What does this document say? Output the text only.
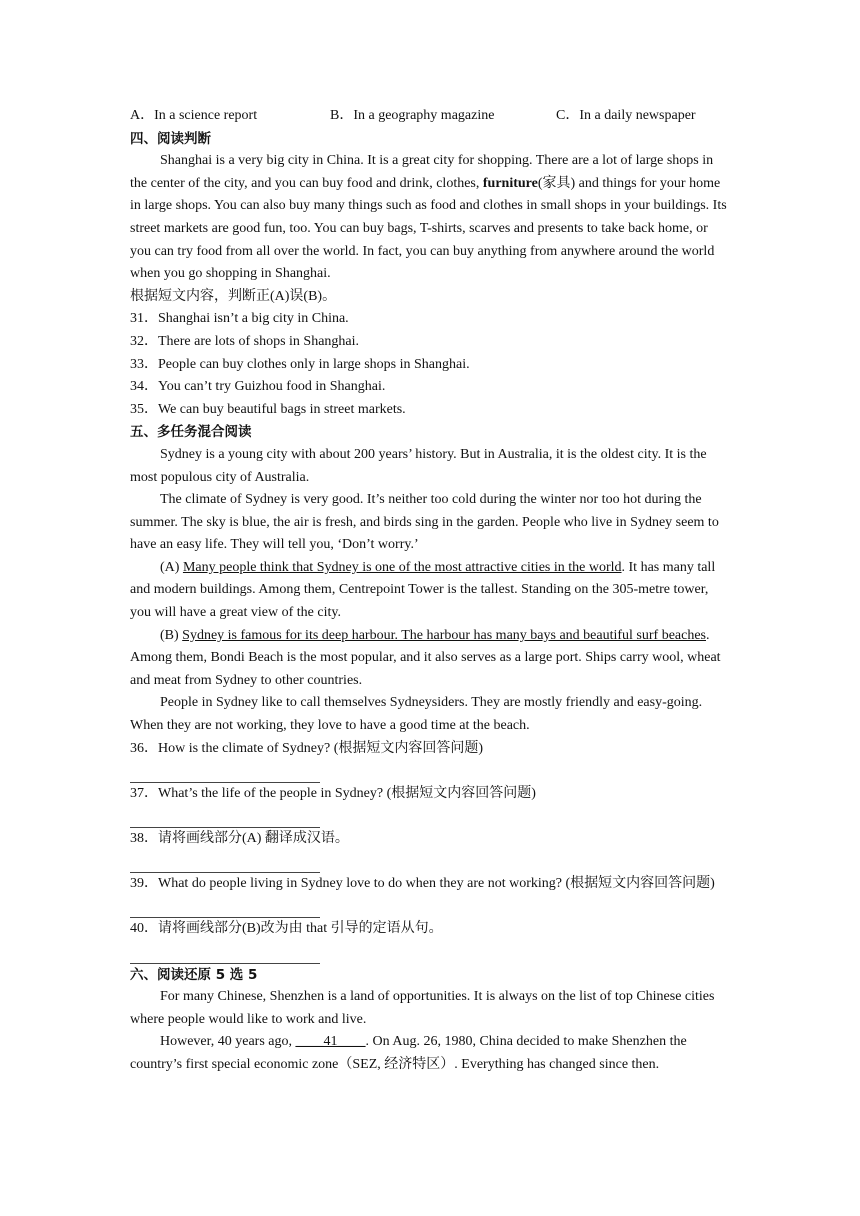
A．In a science report	B．In a geography magazine	C．In a daily newspaper
四、阅读判断
Shanghai is a very big city in China. It is a great city for shopping. There are a lot of large shops in the center of the city, and you can buy food and drink, clothes, furniture(家具) and things for your home in large shops. You can also buy many things such as food and clothes in small shops in your buildings. Its street markets are good fun, too. You can buy bags, T-shirts, scarves and presents to take back home, or you can try food from all over the world. In fact, you can buy anything from anywhere around the world when you go shopping in Shanghai.
根据短文内容，判断正(A)误(B)。
31．Shanghai isn’t a big city in China.
32．There are lots of shops in Shanghai.
33．People can buy clothes only in large shops in Shanghai.
34．You can’t try Guizhou food in Shanghai.
35．We can buy beautiful bags in street markets.
五、多任务混合阅读
Sydney is a young city with about 200 years’ history. But in Australia, it is the oldest city. It is the most populous city of Australia.
The climate of Sydney is very good. It’s neither too cold during the winter nor too hot during the summer. The sky is blue, the air is fresh, and birds sing in the garden. People who live in Sydney seem to have an easy life. They will tell you, ‘Don’t worry.’
(A) Many people think that Sydney is one of the most attractive cities in the world. It has many tall and modern buildings. Among them, Centrepoint Tower is the tallest. Standing on the 305-metre tower, you will have a great view of the city.
(B) Sydney is famous for its deep harbour. The harbour has many bays and beautiful surf beaches. Among them, Bondi Beach is the most popular, and it also serves as a large port. Ships carry wool, wheat and meat from Sydney to other countries.
People in Sydney like to call themselves Sydneysiders. They are mostly friendly and easy-going. When they are not working, they love to have a good time at the beach.
36．How is the climate of Sydney? (根据短文内容回答问题)
37．What’s the life of the people in Sydney? (根据短文内容回答问题)
38．请将画线部分(A) 翻译成汉语。
39．What do people living in Sydney love to do when they are not working? (根据短文内容回答问题)
40．请将画线部分(B)改为由 that 引导的定语从句。
六、阅读还原 5 选 5
For many Chinese, Shenzhen is a land of opportunities. It is always on the list of top Chinese cities where people would like to work and live.
However, 40 years ago, ____41____. On Aug. 26, 1980, China decided to make Shenzhen the country’s first special economic zone（SEZ, 经济特区）. Everything has changed since then.
